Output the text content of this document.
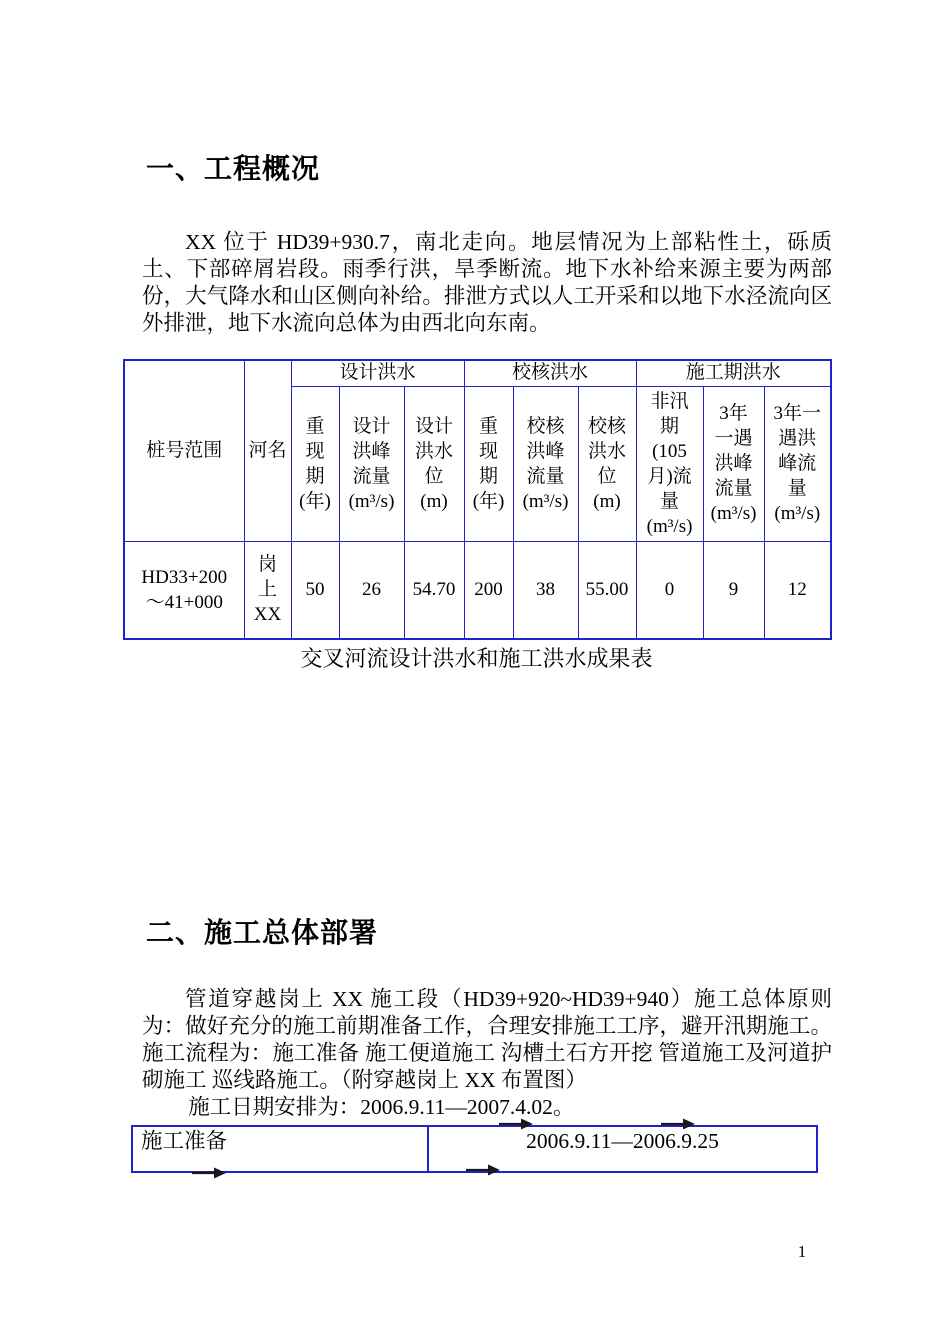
一、工程概况
XX 位于 HD39+930.7，南北走向。地层情况为上部粘性土，砾质土、下部碎屑岩段。雨季行洪，旱季断流。地下水补给来源主要为两部份，大气降水和山区侧向补给。排泄方式以人工开采和以地下水泾流向区外排泄，地下水流向总体为由西北向东南。
桩号范围	河名	设计洪水			校核洪水			施工期洪水		
		重现期(年)	设计洪峰流量(m³/s)	设计洪水位(m)	重现期(年)	校核洪峰流量(m³/s)	校核洪水位(m)	非汛期(105月)流量(m³/s)	3年一遇洪峰流量(m³/s)	3年一遇洪峰流量(m³/s)
HD33+200～41+000	岗上XX	50	26	54.70	200	38	55.00	0	9	12
交叉河流设计洪水和施工洪水成果表
二、施工总体部署
管道穿越岗上 XX 施工段（HD39+920~HD39+940）施工总体原则为：做好充分的施工前期准备工作，合理安排施工工序，避开汛期施工。施工流程为：施工准备 施工便道施工 沟槽土石方开挖 管道施工及河道护砌施工 巡线路施工。（附穿越岗上 XX 布置图）
施工日期安排为：2006.9.11—2007.4.02。
施工准备	2006.9.11—2006.9.25
1
